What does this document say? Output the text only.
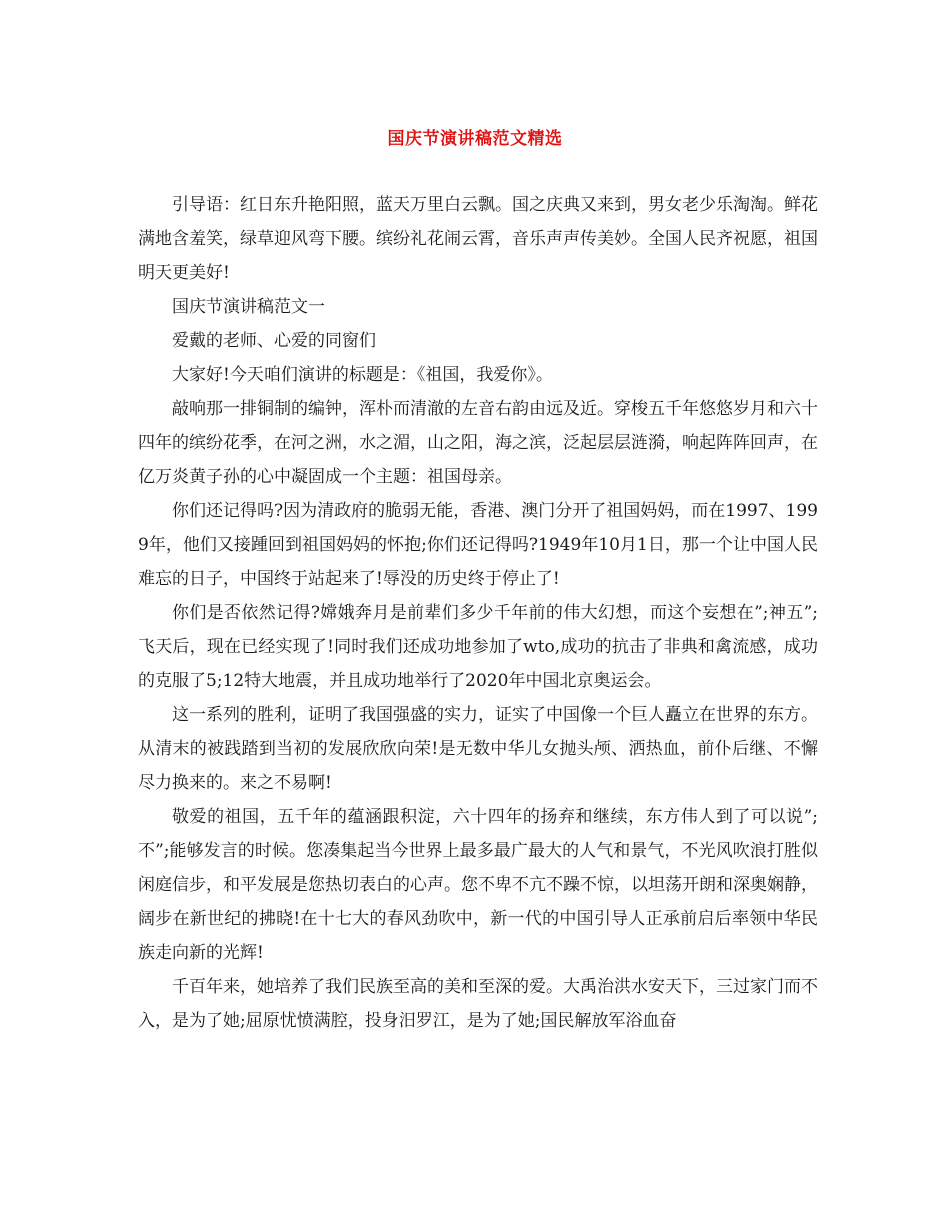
国庆节演讲稿范文精选

引导语：红日东升艳阳照，蓝天万里白云飘。国之庆典又来到，男女老少乐淘淘。鲜花满地含羞笑，绿草迎风弯下腰。缤纷礼花闹云霄，音乐声声传美妙。全国人民齐祝愿，祖国明天更美好!

国庆节演讲稿范文一

爱戴的老师、心爱的同窗们

大家好!今天咱们演讲的标题是：《祖国，我爱你》。

敲响那一排铜制的编钟，浑朴而清澈的左音右韵由远及近。穿梭五千年悠悠岁月和六十四年的缤纷花季，在河之洲，水之湄，山之阳，海之滨，泛起层层涟漪，响起阵阵回声，在亿万炎黄子孙的心中凝固成一个主题：祖国母亲。

你们还记得吗?因为清政府的脆弱无能，香港、澳门分开了祖国妈妈，而在1997、1999年，他们又接踵回到祖国妈妈的怀抱;你们还记得吗?1949年10月1日，那一个让中国人民难忘的日子，中国终于站起来了!辱没的历史终于停止了!

你们是否依然记得?嫦娥奔月是前辈们多少千年前的伟大幻想，而这个妄想在”;神五”;飞天后，现在已经实现了!同时我们还成功地参加了wto,成功的抗击了非典和禽流感，成功的克服了5;12特大地震，并且成功地举行了2020年中国北京奥运会。

这一系列的胜利，证明了我国强盛的实力，证实了中国像一个巨人矗立在世界的东方。从清末的被践踏到当初的发展欣欣向荣!是无数中华儿女抛头颅、洒热血，前仆后继、不懈尽力换来的。来之不易啊!

敬爱的祖国，五千年的蕴涵跟积淀，六十四年的扬弃和继续，东方伟人到了可以说”;不”;能够发言的时候。您凑集起当今世界上最多最广最大的人气和景气，不光风吹浪打胜似闲庭信步，和平发展是您热切表白的心声。您不卑不亢不躁不惊，以坦荡开朗和深奥娴静，阔步在新世纪的拂晓!在十七大的春风劲吹中，新一代的中国引导人正承前启后率领中华民族走向新的光辉!

千百年来，她培养了我们民族至高的美和至深的爱。大禹治洪水安天下，三过家门而不入，是为了她;屈原忧愤满腔，投身汨罗江，是为了她;国民解放军浴血奋
